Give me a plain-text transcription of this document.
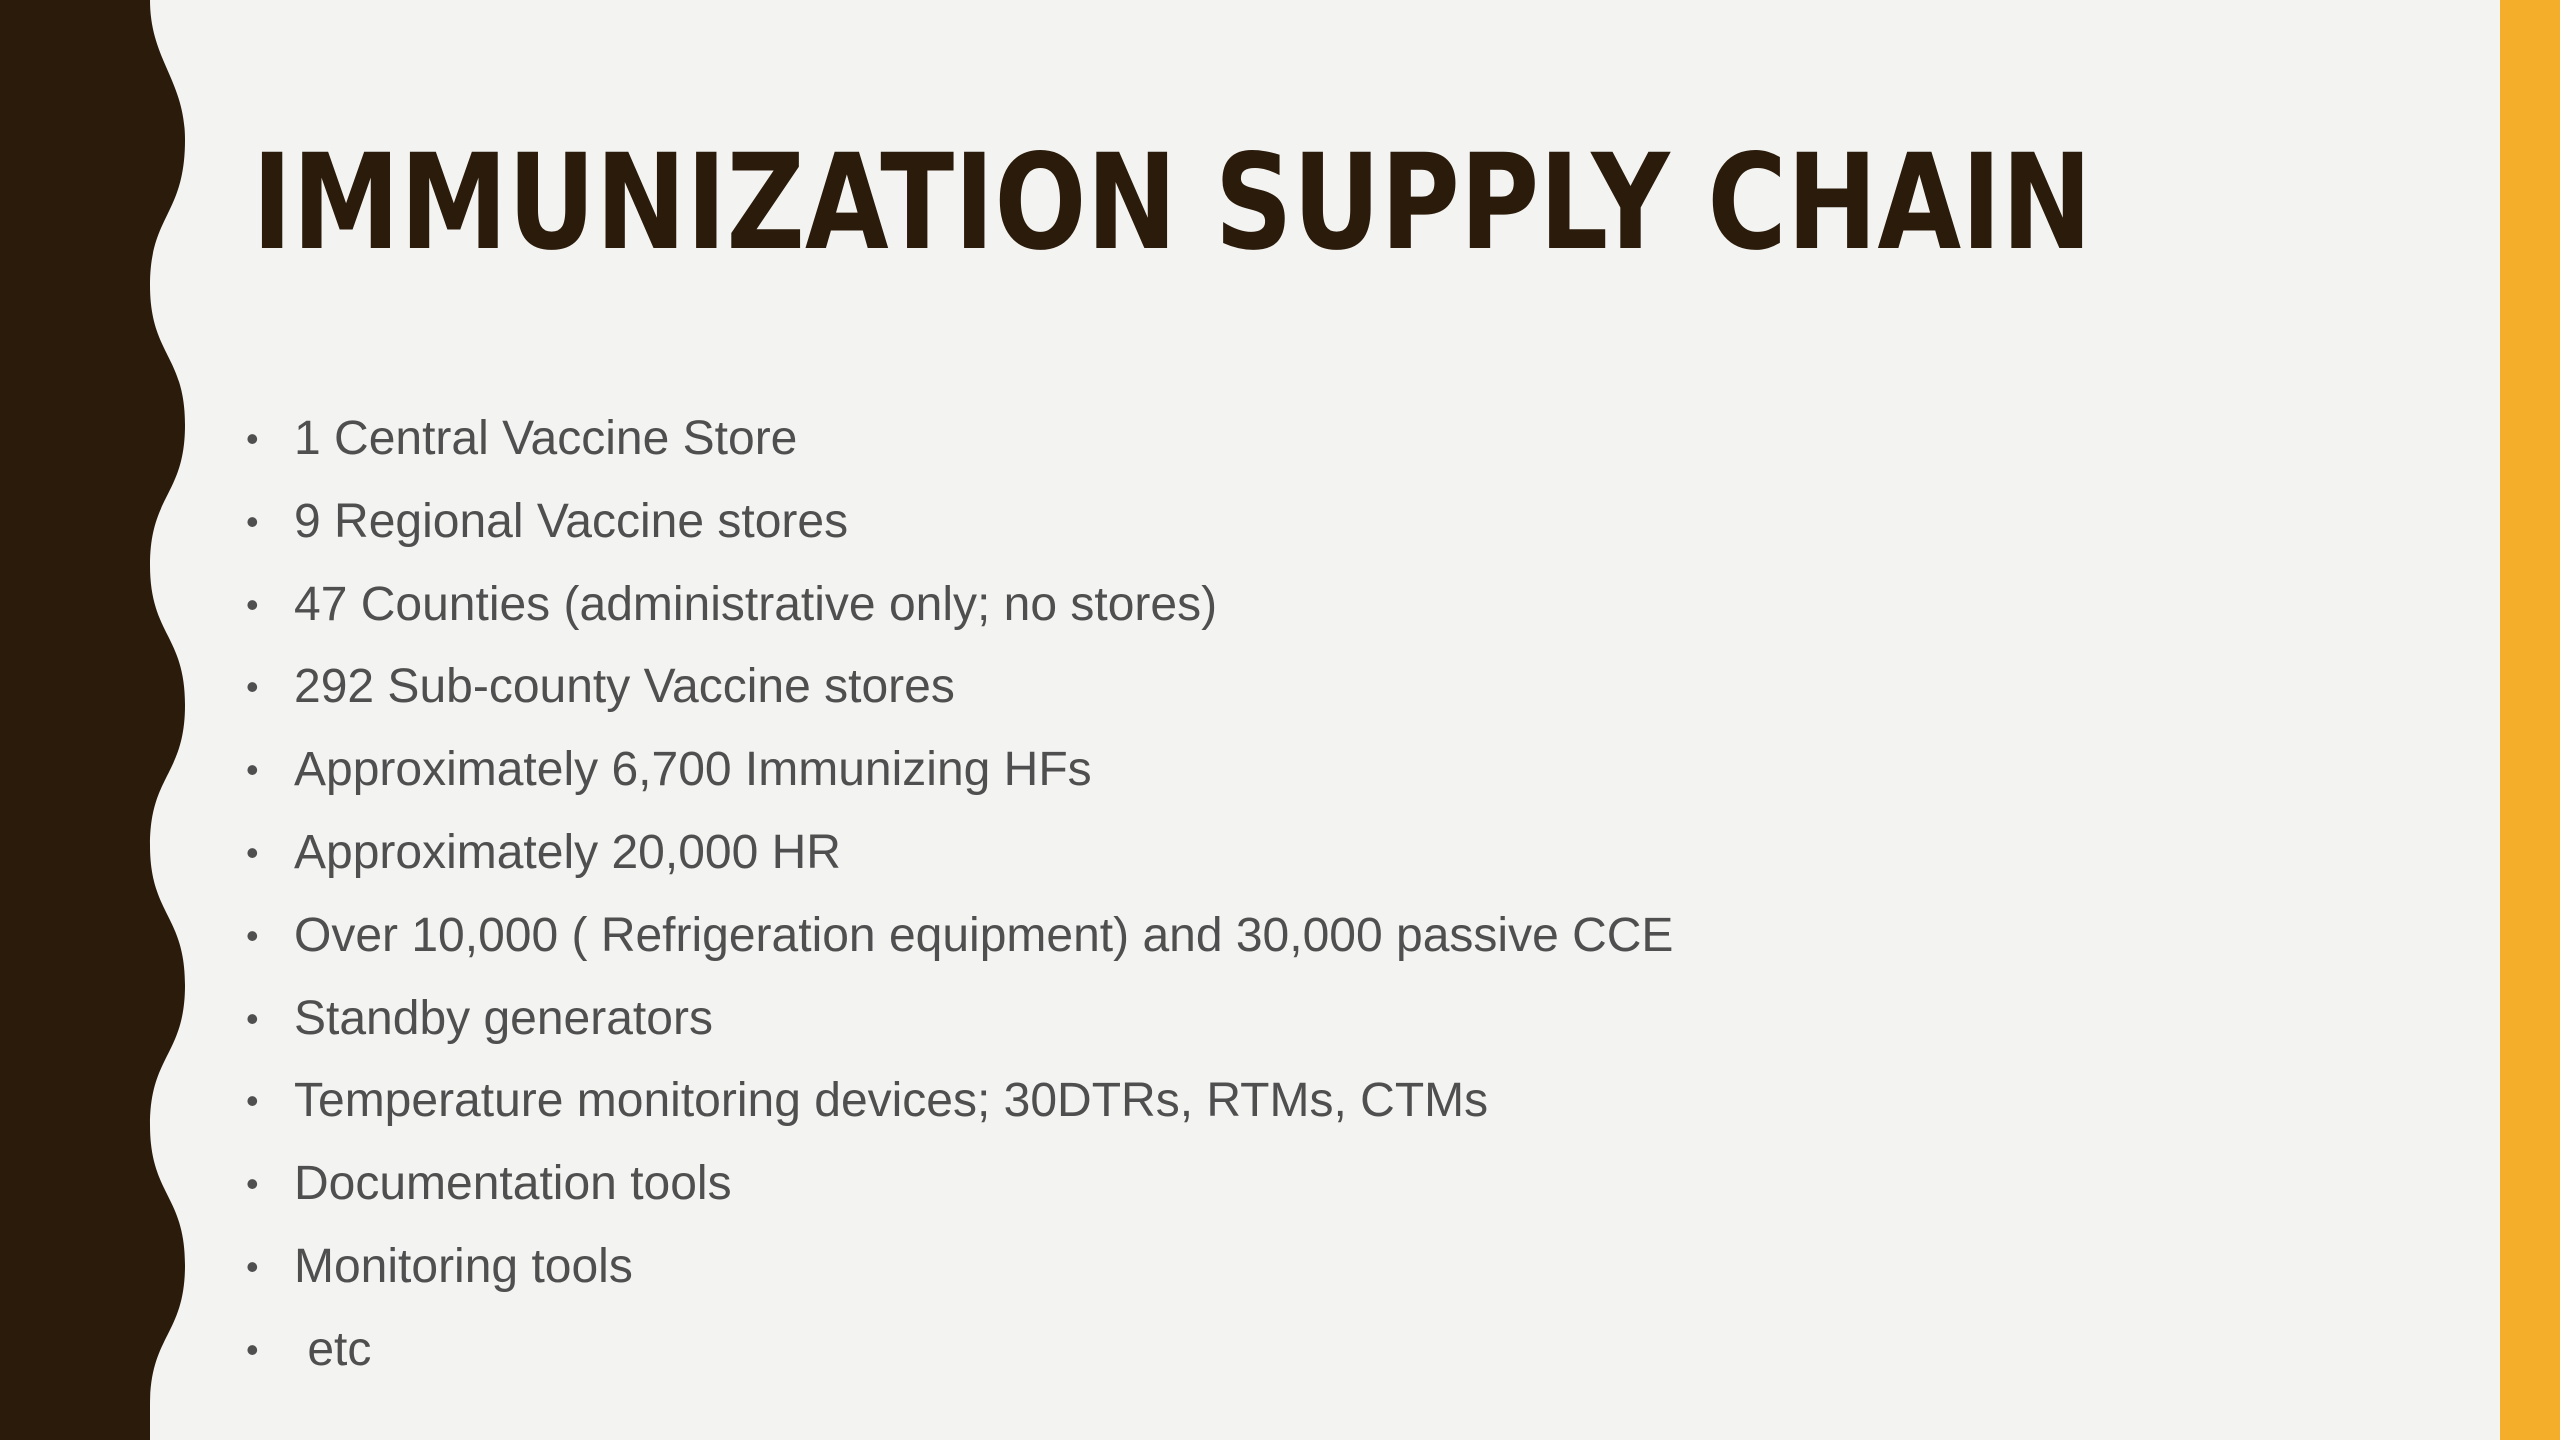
IMMUNIZATION SUPPLY CHAIN
• 1 Central Vaccine Store
• 9 Regional Vaccine stores
• 47 Counties (administrative only; no stores)
• 292 Sub-county Vaccine stores
• Approximately 6,700 Immunizing HFs
• Approximately 20,000 HR
• Over 10,000 ( Refrigeration equipment) and 30,000 passive CCE
• Standby generators
• Temperature monitoring devices; 30DTRs, RTMs, CTMs
• Documentation tools
• Monitoring tools
• etc
